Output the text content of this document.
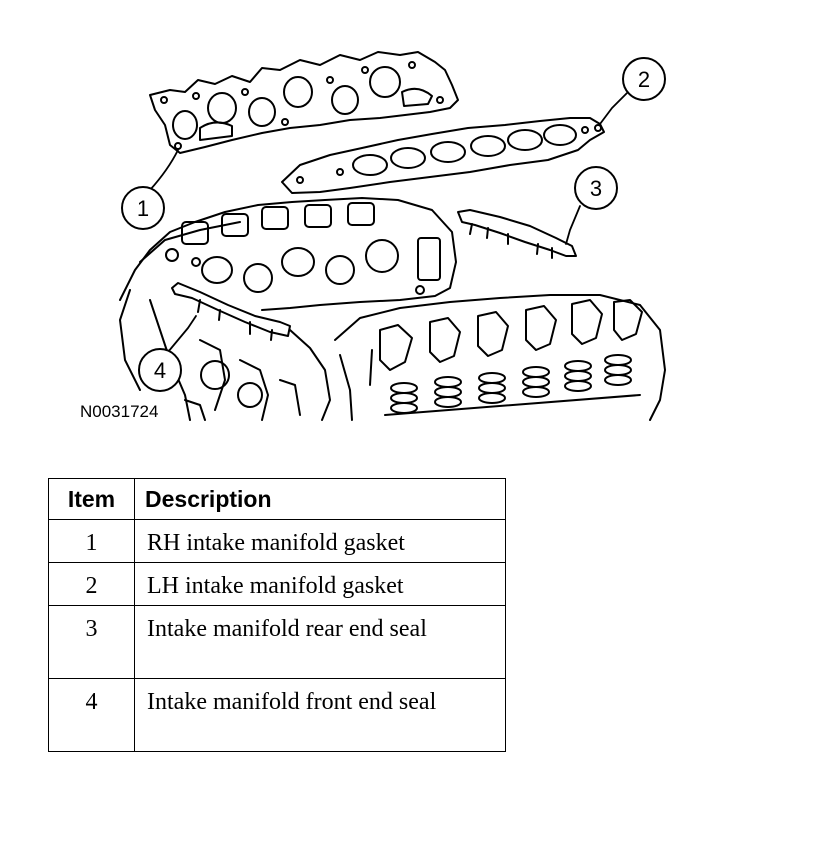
1
2
3
4
N0031724
Item	Description
1	RH intake manifold gasket
2	LH intake manifold gasket
3	Intake manifold rear end seal
4	Intake manifold front end seal
